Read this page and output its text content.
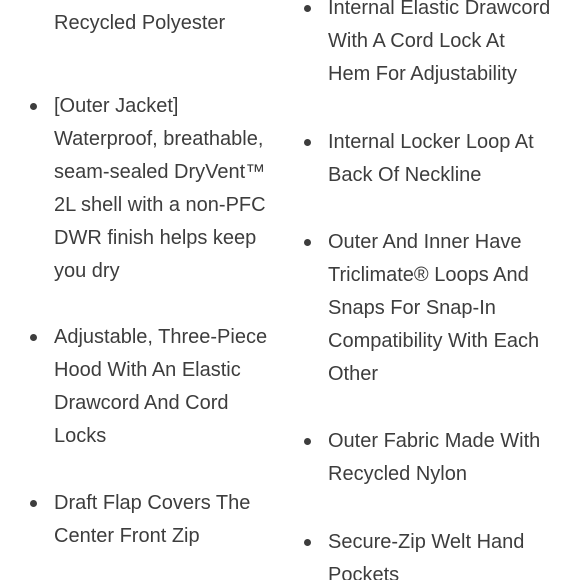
Recycled Polyester
[Outer Jacket]
Waterproof, breathable,
seam-sealed DryVent™
2L shell with a non-PFC
DWR finish helps keep
you dry
Adjustable, Three-Piece
Hood With An Elastic
Drawcord And Cord
Locks
Draft Flap Covers The
Center Front Zip
Internal Elastic Drawcord
With A Cord Lock At
Hem For Adjustability
Internal Locker Loop At
Back Of Neckline
Outer And Inner Have
Triclimate® Loops And
Snaps For Snap-In
Compatibility With Each
Other
Outer Fabric Made With
Recycled Nylon
Secure-Zip Welt Hand
Pockets
